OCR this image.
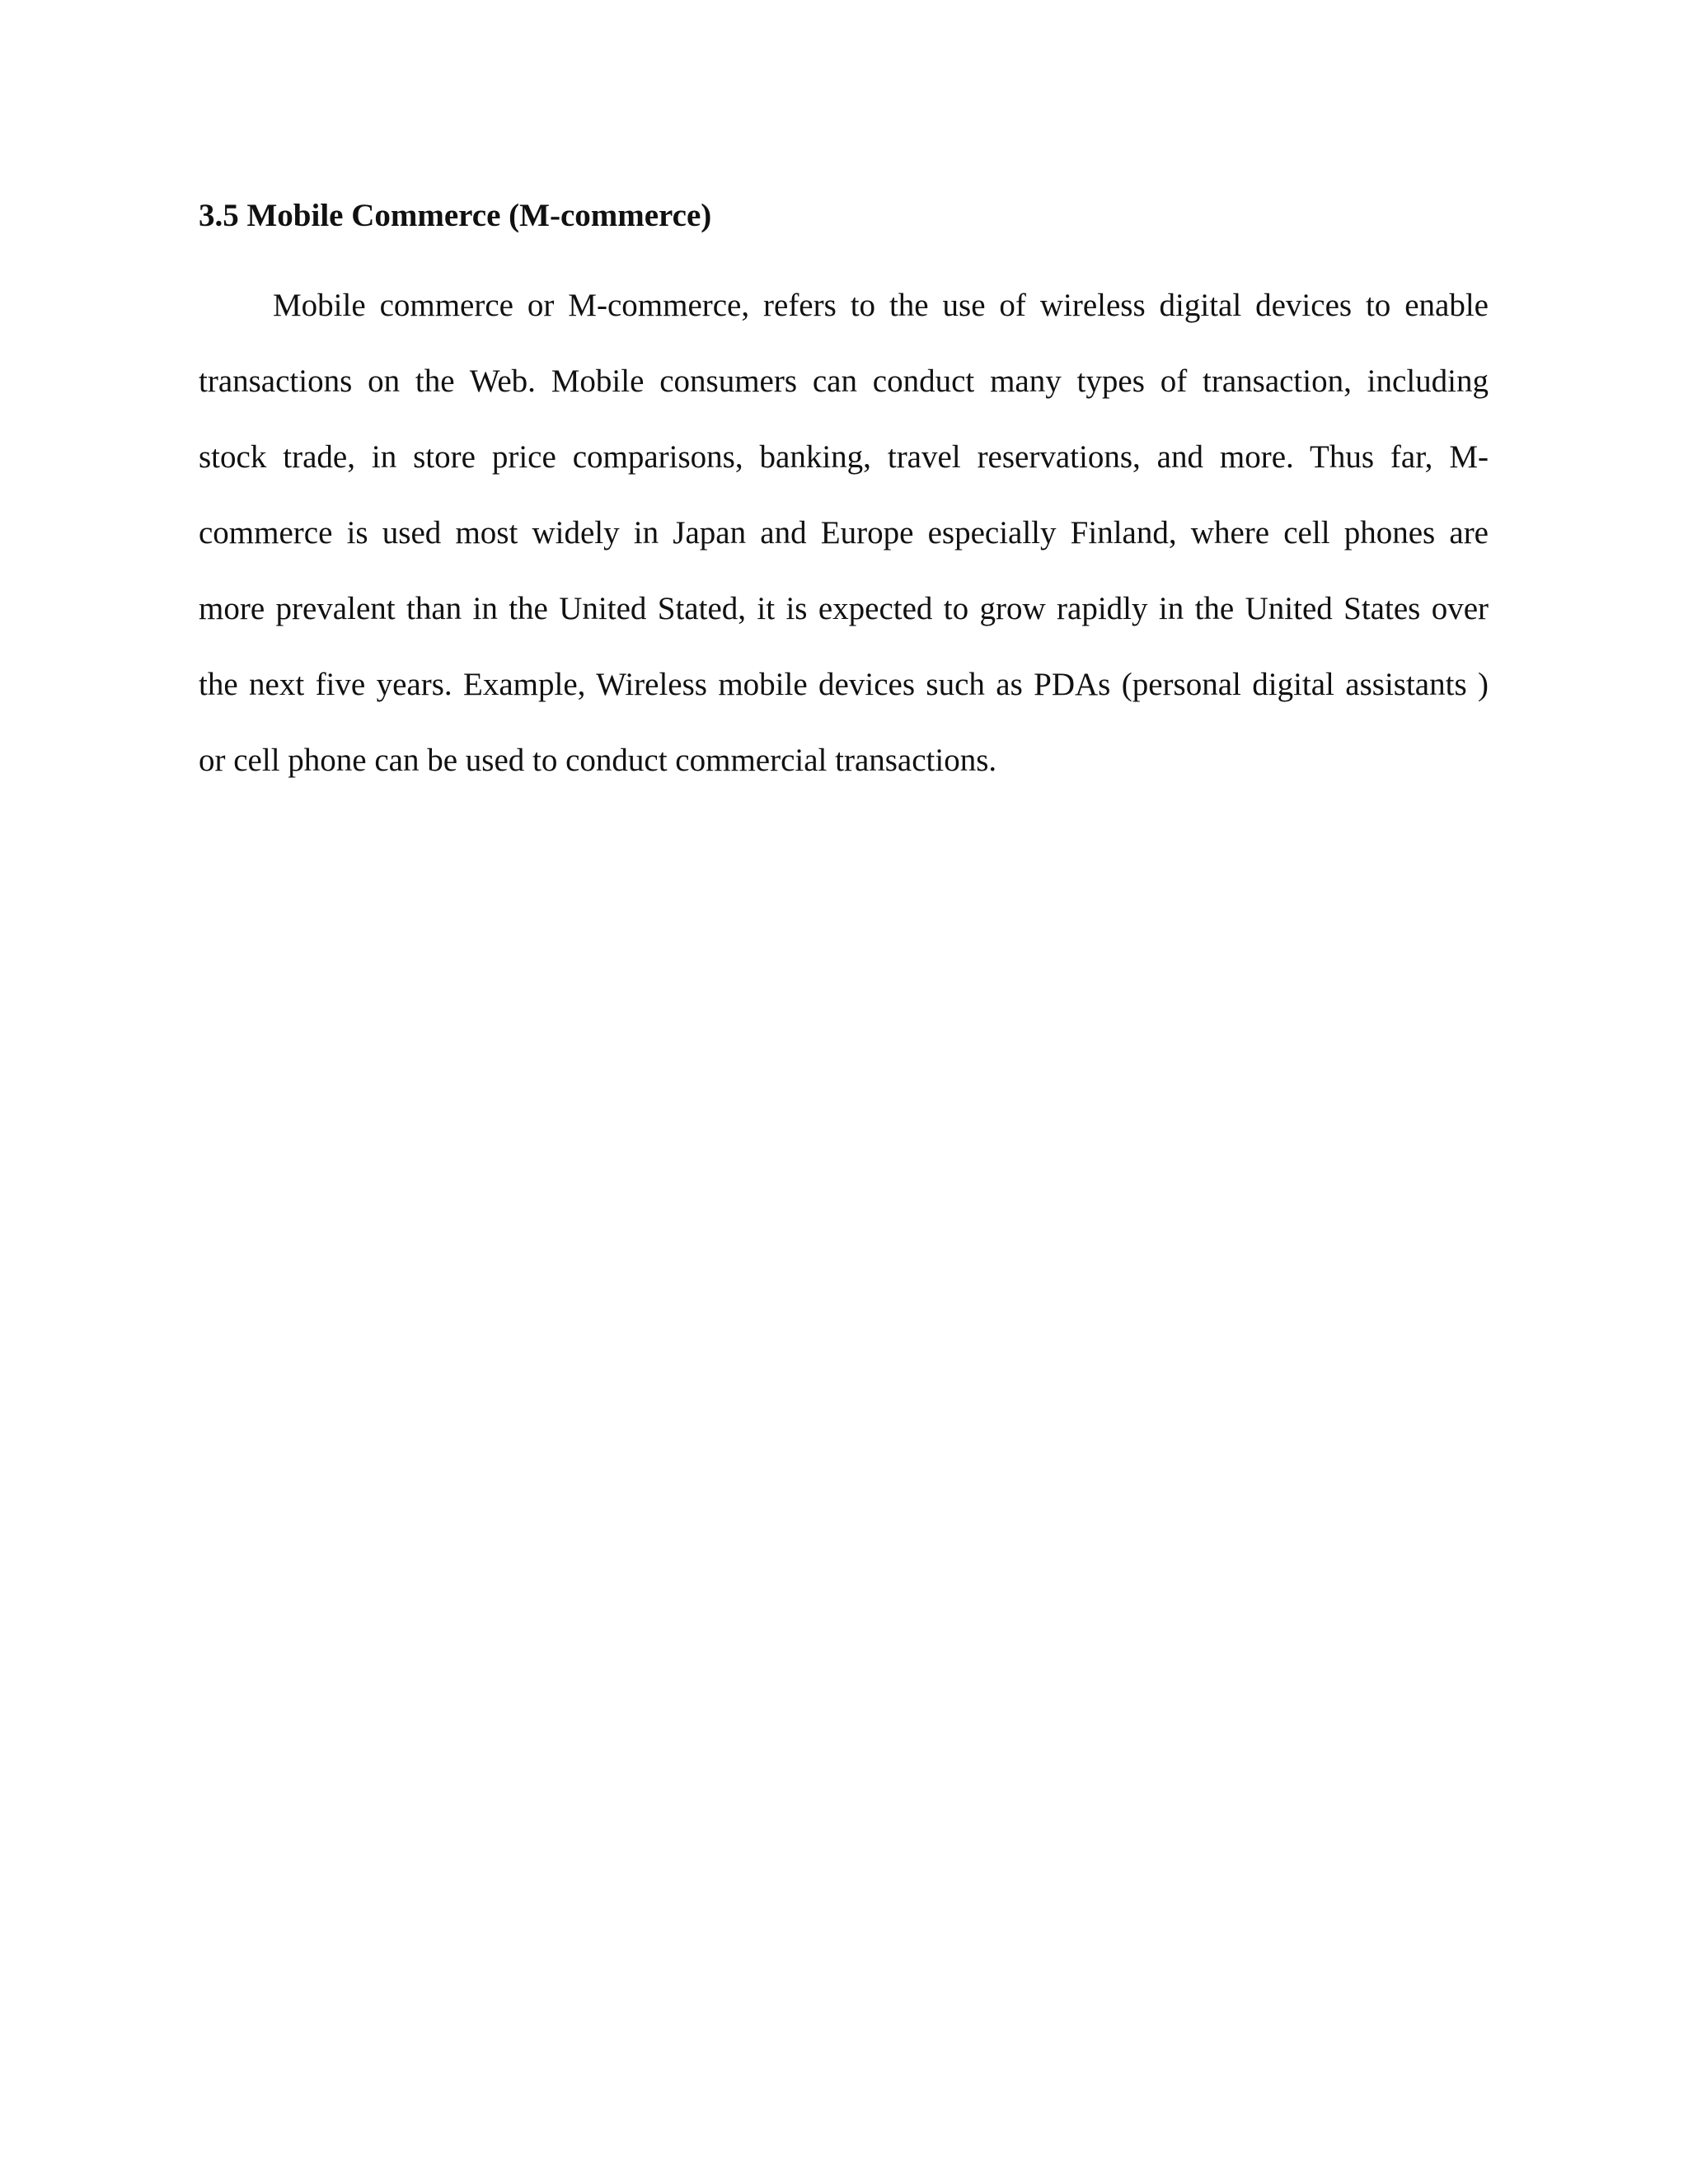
3.5 Mobile Commerce (M-commerce)
Mobile commerce or M-commerce, refers to the use of wireless digital devices to enable
transactions on the Web. Mobile consumers can conduct many types of transaction, including
stock trade, in store price comparisons, banking, travel reservations, and more. Thus far, M-
commerce is used most widely in Japan and Europe especially Finland, where cell phones are
more prevalent than in the United Stated, it is expected to grow rapidly in the United States over
the next five years. Example, Wireless mobile devices such as PDAs (personal digital assistants )
or cell phone can be used to conduct commercial transactions.
